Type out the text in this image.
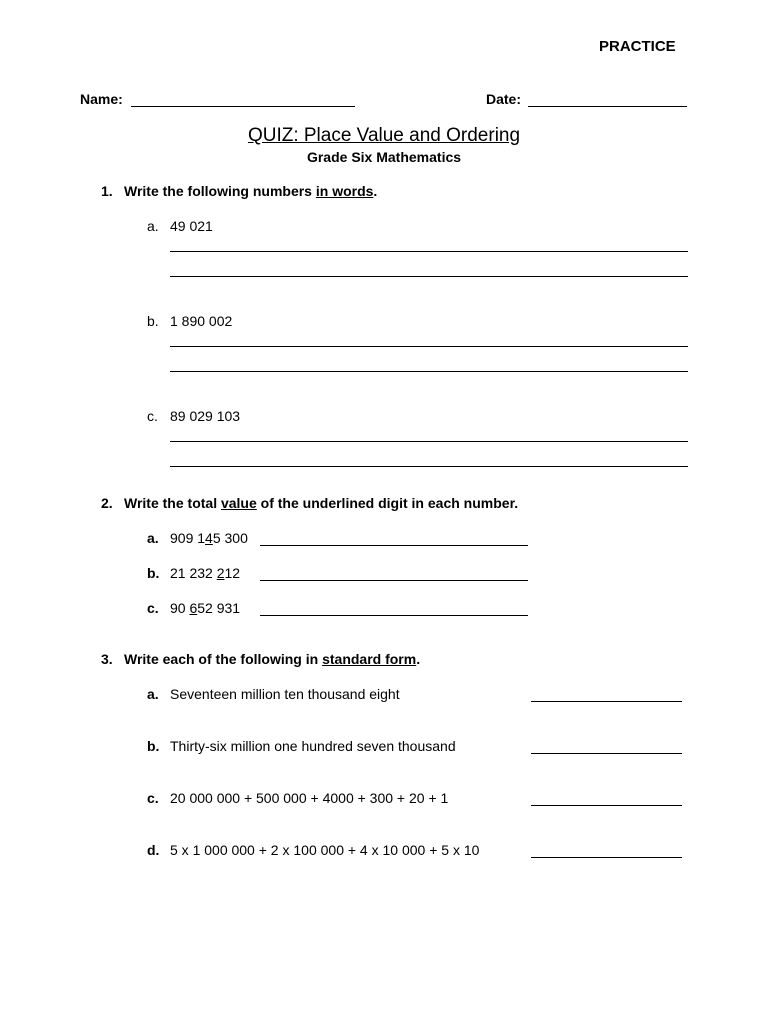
PRACTICE
Name:	Date:
QUIZ: Place Value and Ordering
Grade Six Mathematics
1. Write the following numbers in words.
a. 49 021
b. 1 890 002
c. 89 029 103
2. Write the total value of the underlined digit in each number.
a. 909 145 300
b. 21 232 212
c. 90 652 931
3. Write each of the following in standard form.
a. Seventeen million ten thousand eight
b. Thirty-six million one hundred seven thousand
c. 20 000 000 + 500 000 + 4000 + 300 + 20 + 1
d. 5 x 1 000 000 + 2 x 100 000 + 4 x 10 000 + 5 x 10
